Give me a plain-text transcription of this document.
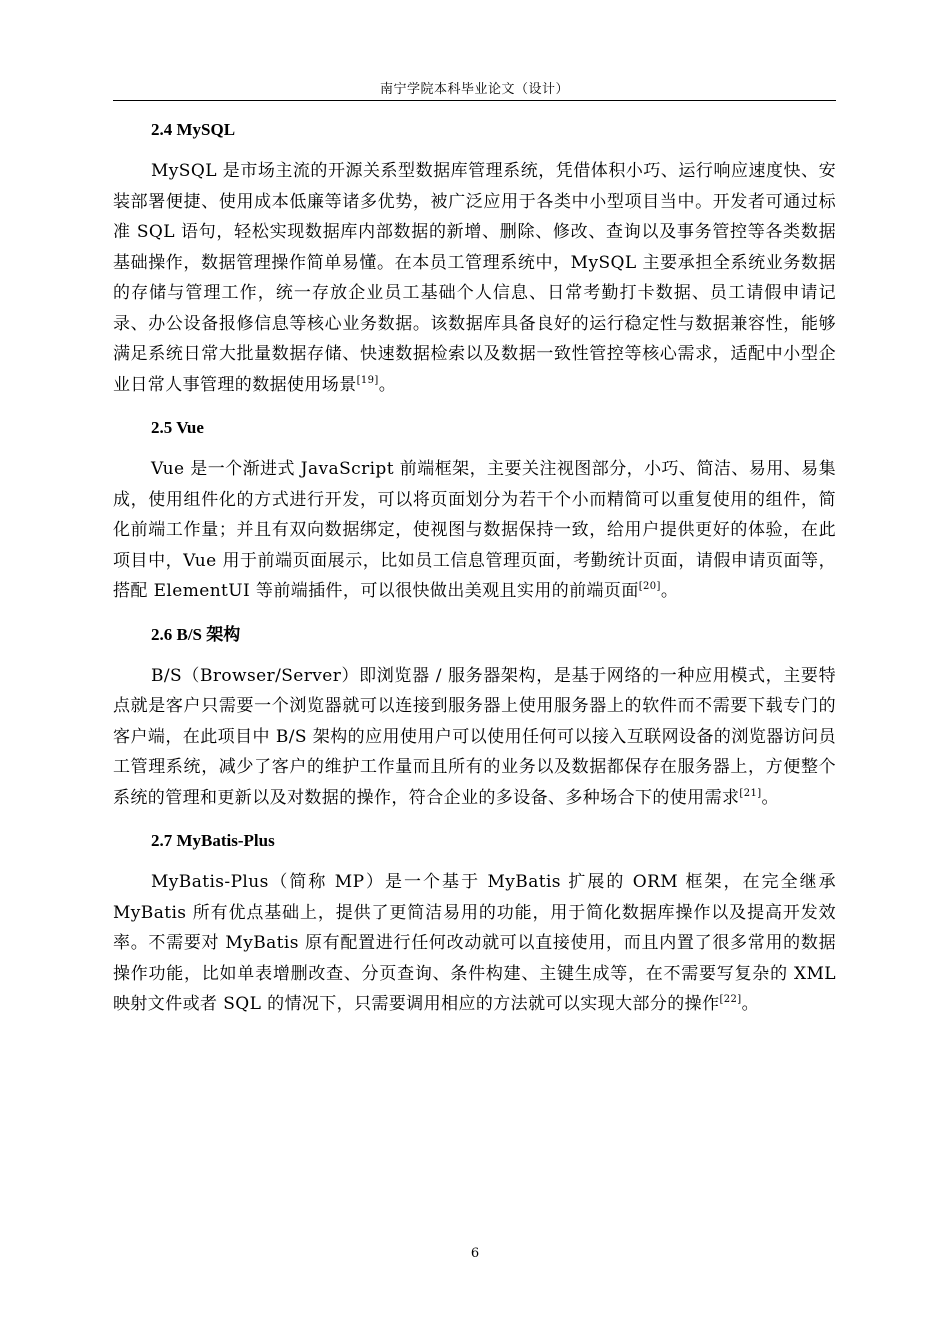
南宁学院本科毕业论文（设计）
2.4 MySQL

MySQL 是市场主流的开源关系型数据库管理系统，凭借体积小巧、运行响应速度快、安装部署便捷、使用成本低廉等诸多优势，被广泛应用于各类中小型项目当中。开发者可通过标准 SQL 语句，轻松实现数据库内部数据的新增、删除、修改、查询以及事务管控等各类数据基础操作，数据管理操作简单易懂。在本员工管理系统中，MySQL 主要承担全系统业务数据的存储与管理工作，统一存放企业员工基础个人信息、日常考勤打卡数据、员工请假申请记录、办公设备报修信息等核心业务数据。该数据库具备良好的运行稳定性与数据兼容性，能够满足系统日常大批量数据存储、快速数据检索以及数据一致性管控等核心需求，适配中小型企业日常人事管理的数据使用场景[19]。

2.5 Vue

Vue 是一个渐进式 JavaScript 前端框架，主要关注视图部分，小巧、简洁、易用、易集成，使用组件化的方式进行开发，可以将页面划分为若干个小而精简可以重复使用的组件，简化前端工作量；并且有双向数据绑定，使视图与数据保持一致，给用户提供更好的体验，在此项目中，Vue 用于前端页面展示，比如员工信息管理页面，考勤统计页面，请假申请页面等，搭配 ElementUI 等前端插件，可以很快做出美观且实用的前端页面[20]。

2.6 B/S 架构

B/S（Browser/Server）即浏览器 / 服务器架构，是基于网络的一种应用模式，主要特点就是客户只需要一个浏览器就可以连接到服务器上使用服务器上的软件而不需要下载专门的客户端，在此项目中 B/S 架构的应用使用户可以使用任何可以接入互联网设备的浏览器访问员工管理系统，减少了客户的维护工作量而且所有的业务以及数据都保存在服务器上，方便整个系统的管理和更新以及对数据的操作，符合企业的多设备、多种场合下的使用需求[21]。

2.7 MyBatis-Plus

MyBatis-Plus（简称 MP）是一个基于 MyBatis 扩展的 ORM 框架，在完全继承 MyBatis 所有优点基础上，提供了更简洁易用的功能，用于简化数据库操作以及提高开发效率。不需要对 MyBatis 原有配置进行任何改动就可以直接使用，而且内置了很多常用的数据操作功能，比如单表增删改查、分页查询、条件构建、主键生成等，在不需要写复杂的 XML 映射文件或者 SQL 的情况下，只需要调用相应的方法就可以实现大部分的操作[22]。

6
